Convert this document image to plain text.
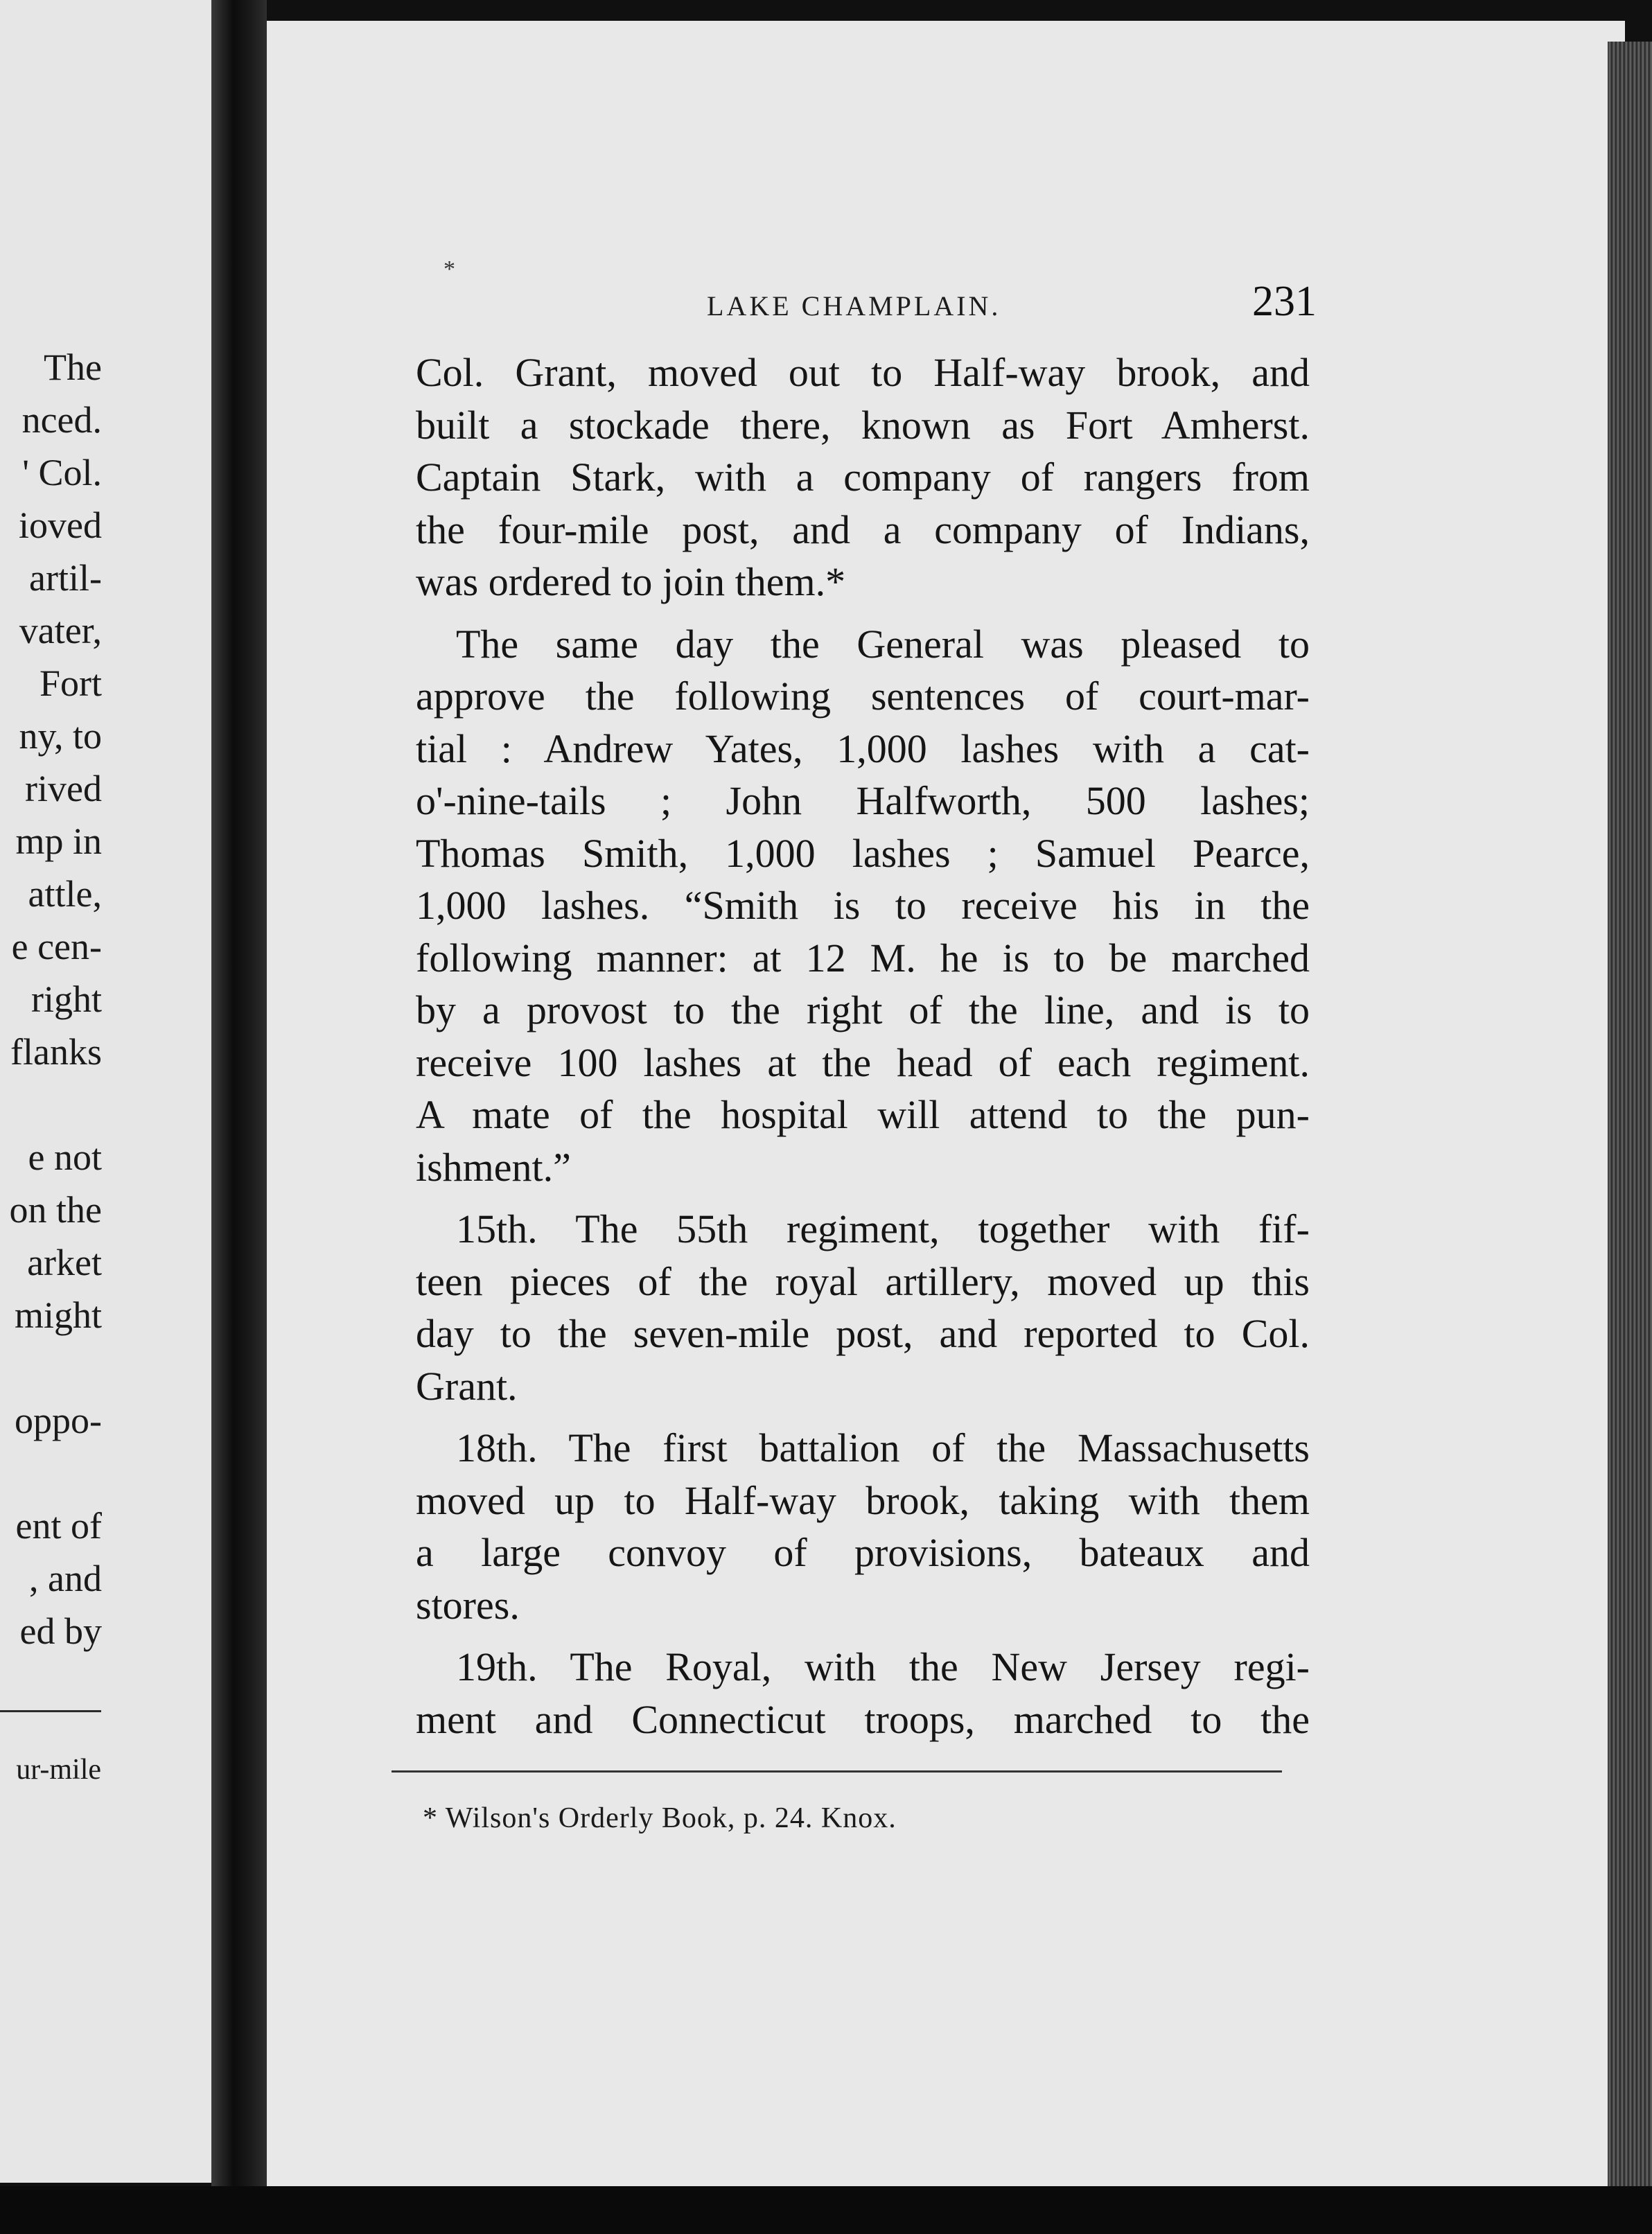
The
nced.
' Col.
ioved
artil-
vater,
Fort
ny, to
rived
mp in
attle,
e cen-
right
flanks
e not
on the
arket
might
oppo-
ent of
, and
ed by
*
LAKE CHAMPLAIN.	231

Col. Grant, moved out to Half-way brook, and
built a stockade there, known as Fort Amherst.
Captain Stark, with a company of rangers from
the four-mile post, and a company of Indians,
was ordered to join them.*

The same day the General was pleased to
approve the following sentences of court-mar-
tial : Andrew Yates, 1,000 lashes with a cat-
o'-nine-tails ; John Halfworth, 500 lashes;
Thomas Smith, 1,000 lashes ; Samuel Pearce,
1,000 lashes. “Smith is to receive his in the
following manner: at 12 M. he is to be marched
by a provost to the right of the line, and is to
receive 100 lashes at the head of each regiment.
A mate of the hospital will attend to the pun-
ishment.”

15th. The 55th regiment, together with fif-
teen pieces of the royal artillery, moved up this
day to the seven-mile post, and reported to Col.
Grant.

18th. The first battalion of the Massachusetts
moved up to Half-way brook, taking with them
a large convoy of provisions, bateaux and
stores.

19th. The Royal, with the New Jersey regi-
ment and Connecticut troops, marched to the

* Wilson's Orderly Book, p. 24. Knox.
ur-mile
